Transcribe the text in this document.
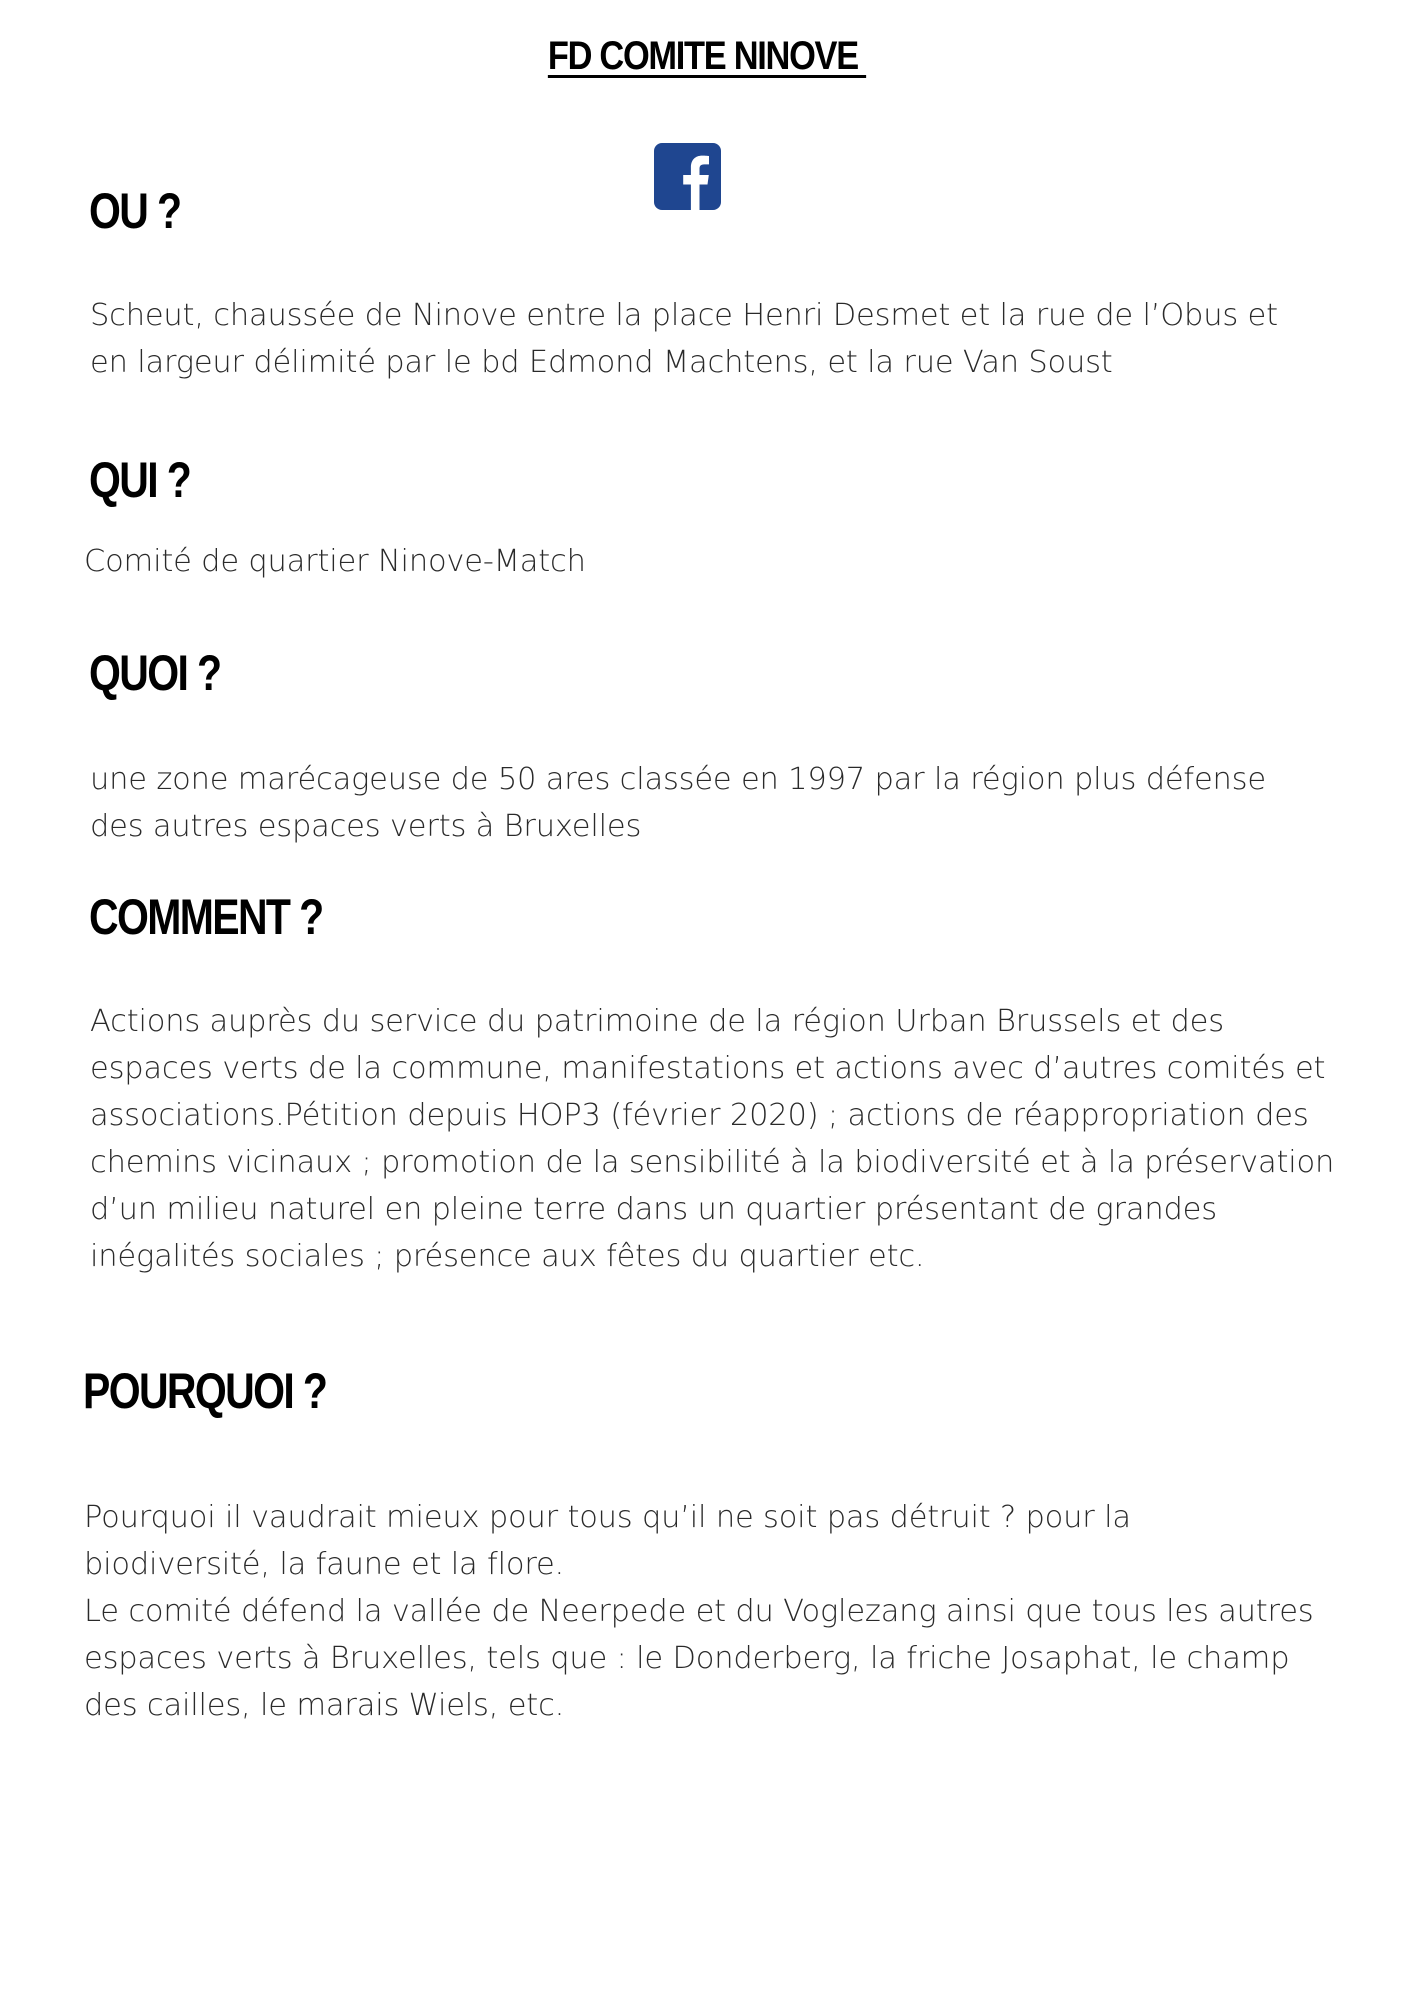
FD COMITE NINOVE
OU ?
Scheut, chaussée de Ninove entre la place Henri Desmet et la rue de l’Obus et
en largeur délimité par le bd Edmond Machtens, et la rue Van Soust
QUI ?
Comité de quartier Ninove-Match
QUOI ?
une zone marécageuse de 50 ares classée en 1997 par la région plus défense
des autres espaces verts à Bruxelles
COMMENT ?
Actions auprès du service du patrimoine de la région Urban Brussels et des
espaces verts de la commune, manifestations et actions avec d’autres comités et
associations.Pétition depuis HOP3 (février 2020) ; actions de réappropriation des
chemins vicinaux ; promotion de la sensibilité à la biodiversité et à la préservation
d’un milieu naturel en pleine terre dans un quartier présentant de grandes
inégalités sociales ; présence aux fêtes du quartier etc.
POURQUOI ?
Pourquoi il vaudrait mieux pour tous qu’il ne soit pas détruit ? pour la
biodiversité, la faune et la flore.
Le comité défend la vallée de Neerpede et du Voglezang ainsi que tous les autres
espaces verts à Bruxelles, tels que : le Donderberg, la friche Josaphat, le champ
des cailles, le marais Wiels, etc.
